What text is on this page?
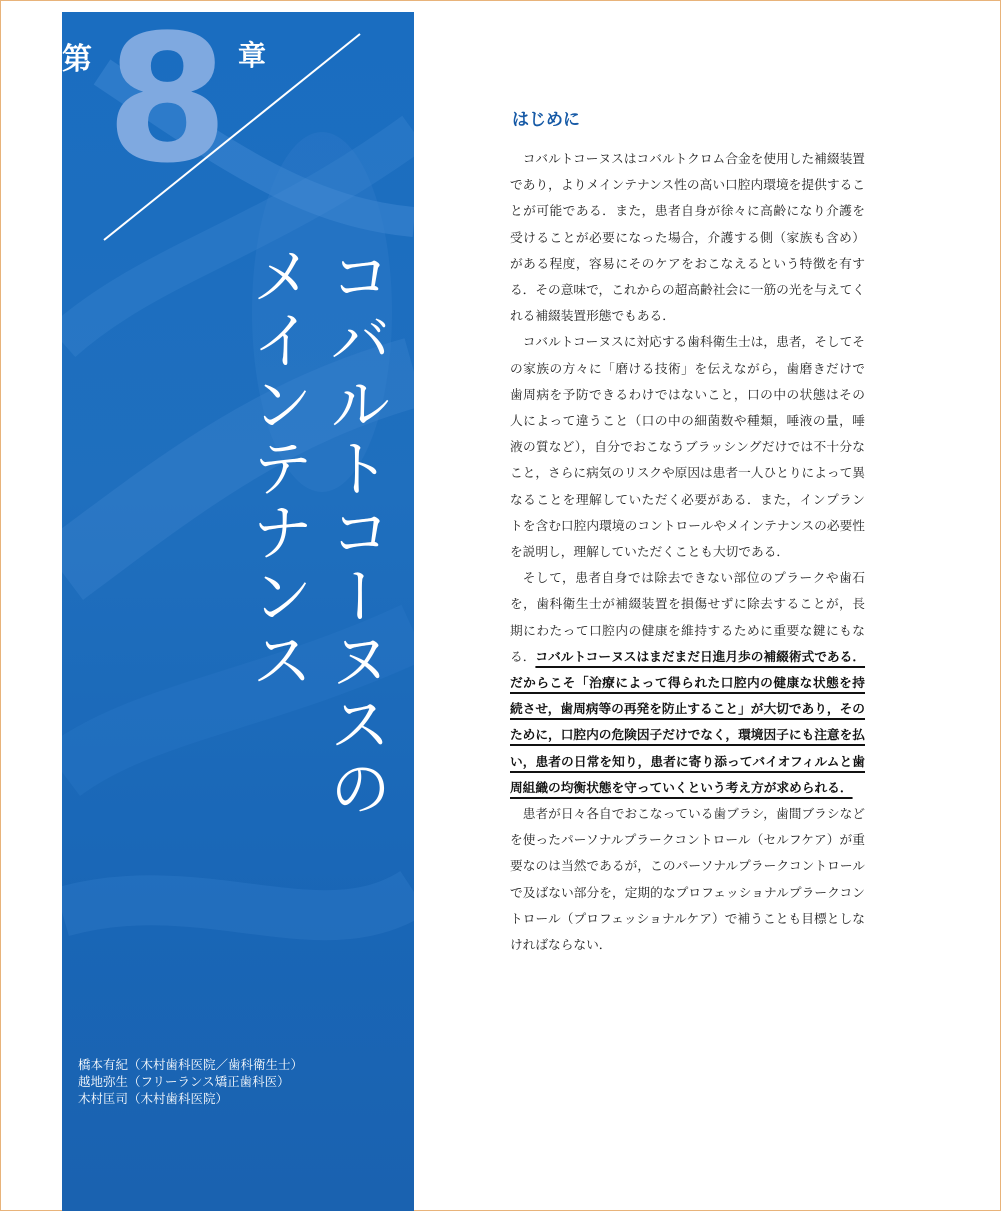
第 8 章
コバルトコーヌスのメインテナンス
橋本有紀（木村歯科医院／歯科衛生士）
越地弥生（フリーランス矯正歯科医）
木村匡司（木村歯科医院）
はじめに

コバルトコーヌスはコバルトクロム合金を使用した補綴装置であり，よりメインテナンス性の高い口腔内環境を提供することが可能である．また，患者自身が徐々に高齢になり介護を受けることが必要になった場合，介護する側（家族も含め）がある程度，容易にそのケアをおこなえるという特徴を有する．その意味で，これからの超高齢社会に一筋の光を与えてくれる補綴装置形態でもある．

コバルトコーヌスに対応する歯科衛生士は，患者，そしてその家族の方々に「磨ける技術」を伝えながら，歯磨きだけで歯周病を予防できるわけではないこと，口の中の状態はその人によって違うこと（口の中の細菌数や種類，唾液の量，唾液の質など），自分でおこなうブラッシングだけでは不十分なこと，さらに病気のリスクや原因は患者一人ひとりによって異なることを理解していただく必要がある．また，インプラントを含む口腔内環境のコントロールやメインテナンスの必要性を説明し，理解していただくことも大切である．

そして，患者自身では除去できない部位のプラークや歯石を，歯科衛生士が補綴装置を損傷せずに除去することが，長期にわたって口腔内の健康を維持するために重要な鍵にもなる．コバルトコーヌスはまだまだ日進月歩の補綴術式である．だからこそ「治療によって得られた口腔内の健康な状態を持続させ，歯周病等の再発を防止すること」が大切であり，そのために，口腔内の危険因子だけでなく，環境因子にも注意を払い，患者の日常を知り，患者に寄り添ってバイオフィルムと歯周組織の均衡状態を守っていくという考え方が求められる．

患者が日々各自でおこなっている歯ブラシ，歯間ブラシなどを使ったパーソナルプラークコントロール（セルフケア）が重要なのは当然であるが，このパーソナルプラークコントロールで及ばない部分を，定期的なプロフェッショナルプラークコントロール（プロフェッショナルケア）で補うことも目標としなければならない．
